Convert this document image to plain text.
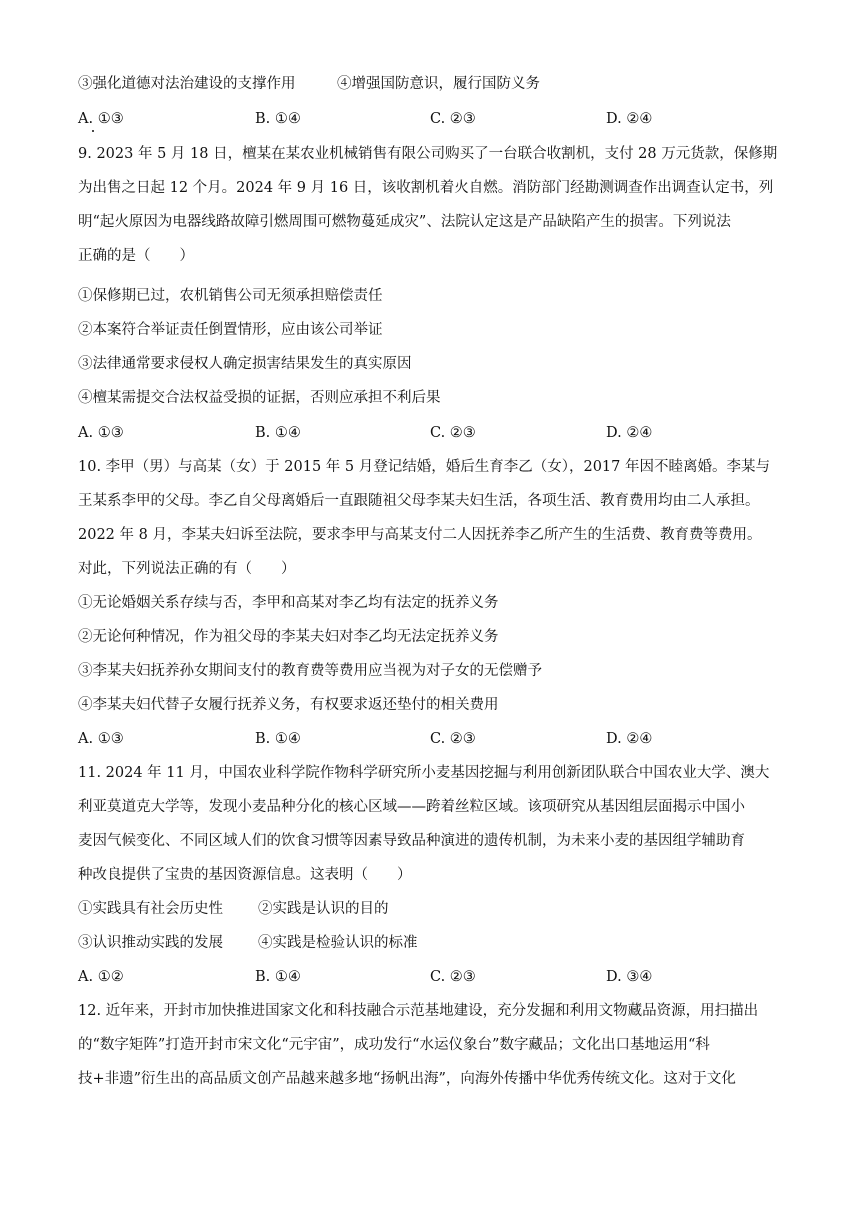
③强化道德对法治建设的支撑作用	④增强国防意识，履行国防义务
A. ①③	B. ①④	C. ②③	D. ②④
9. 2023 年 5 月 18 日，檀某在某农业机械销售有限公司购买了一台联合收割机，支付 28 万元货款，保修期
为出售之日起 12 个月。2024 年 9 月 16 日，该收割机着火自燃。消防部门经勘测调查作出调查认定书，列
明“起火原因为电器线路故障引燃周围可燃物蔓延成灾”、法院认定这是产品缺陷产生的损害。下列说法
正确的是（　　）
①保修期已过，农机销售公司无须承担赔偿责任
②本案符合举证责任倒置情形，应由该公司举证
③法律通常要求侵权人确定损害结果发生的真实原因
④檀某需提交合法权益受损的证据，否则应承担不利后果
A. ①③	B. ①④	C. ②③	D. ②④
10. 李甲（男）与高某（女）于 2015 年 5 月登记结婚，婚后生育李乙（女），2017 年因不睦离婚。李某与
王某系李甲的父母。李乙自父母离婚后一直跟随祖父母李某夫妇生活，各项生活、教育费用均由二人承担。
2022 年 8 月，李某夫妇诉至法院，要求李甲与高某支付二人因抚养李乙所产生的生活费、教育费等费用。
对此，下列说法正确的有（　　）
①无论婚姻关系存续与否，李甲和高某对李乙均有法定的抚养义务
②无论何种情况，作为祖父母的李某夫妇对李乙均无法定抚养义务
③李某夫妇抚养孙女期间支付的教育费等费用应当视为对子女的无偿赠予
④李某夫妇代替子女履行抚养义务，有权要求返还垫付的相关费用
A. ①③	B. ①④	C. ②③	D. ②④
11. 2024 年 11 月，中国农业科学院作物科学研究所小麦基因挖掘与利用创新团队联合中国农业大学、澳大
利亚莫道克大学等，发现小麦品种分化的核心区域——跨着丝粒区域。该项研究从基因组层面揭示中国小
麦因气候变化、不同区域人们的饮食习惯等因素导致品种演进的遗传机制，为未来小麦的基因组学辅助育
种改良提供了宝贵的基因资源信息。这表明（　　）
①实践具有社会历史性 ②实践是认识的目的
③认识推动实践的发展 ④实践是检验认识的标准
A. ①②	B. ①④	C. ②③	D. ③④
12. 近年来，开封市加快推进国家文化和科技融合示范基地建设，充分发掘和利用文物藏品资源，用扫描出
的“数字矩阵”打造开封市宋文化“元宇宙”，成功发行“水运仪象台”数字藏品；文化出口基地运用“科
技+非遗”衍生出的高品质文创产品越来越多地“扬帆出海”，向海外传播中华优秀传统文化。这对于文化
